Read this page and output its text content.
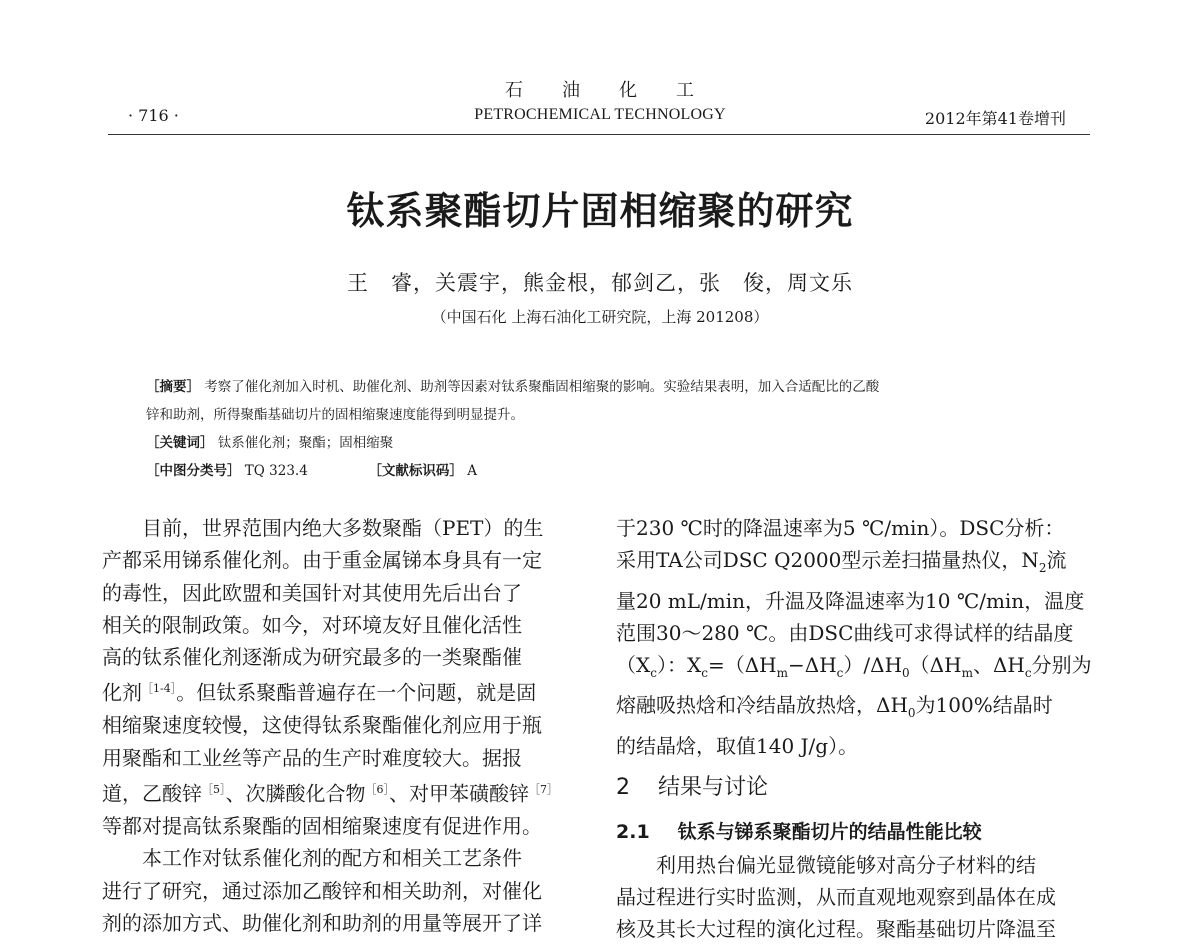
石　　油　　化　　工
· 716 ·	PETROCHEMICAL TECHNOLOGY	2012年第41卷增刊
钛系聚酯切片固相缩聚的研究
王　睿，关震宇，熊金根，郁剑乙，张　俊，周文乐
（中国石化 上海石油化工研究院，上海 201208）
［摘要］ 考察了催化剂加入时机、助催化剂、助剂等因素对钛系聚酯固相缩聚的影响。实验结果表明，加入合适配比的乙酸
锌和助剂，所得聚酯基础切片的固相缩聚速度能得到明显提升。
［关键词］ 钛系催化剂；聚酯；固相缩聚
［中图分类号］ TQ 323.4	［文献标识码］ A

目前，世界范围内绝大多数聚酯（PET）的生

产都采用锑系催化剂。由于重金属锑本身具有一定

的毒性，因此欧盟和美国针对其使用先后出台了

相关的限制政策。如今，对环境友好且催化活性

高的钛系催化剂逐渐成为研究最多的一类聚酯催

化剂$^{[1-4]}$。但钛系聚酯普遍存在一个问题，就是固

相缩聚速度较慢，这使得钛系聚酯催化剂应用于瓶

用聚酯和工业丝等产品的生产时难度较大。据报

道，乙酸锌$^{[5]}$、次膦酸化合物$^{[6]}$、对甲苯磺酸锌$^{[7]}$

等都对提高钛系聚酯的固相缩聚速度有促进作用。

本工作对钛系催化剂的配方和相关工艺条件

进行了研究，通过添加乙酸锌和相关助剂，对催化

剂的添加方式、助催化剂和助剂的用量等展开了详

于230 ℃时的降温速率为5 ℃/min）。DSC分析：

采用TA公司DSC Q2000型示差扫描量热仪，$N_2$流

量20 mL/min，升温及降温速率为10 ℃/min，温度

范围30～280 ℃。由DSC曲线可求得试样的结晶度

$(X_c)$：$X_c=(\Delta H_m-\Delta H_c)/\Delta H_0(\Delta H_m$、$\Delta H_c$分别为

熔融吸热焓和冷结晶放热焓，$\Delta H_0$为100%结晶时

的结晶焓，取值140 J/g）。

2 结果与讨论

2.1 钛系与锑系聚酯切片的结晶性能比较

利用热台偏光显微镜能够对高分子材料的结

晶过程进行实时监测，从而直观地观察到晶体在成

核及其长大过程的演化过程。聚酯基础切片降温至
